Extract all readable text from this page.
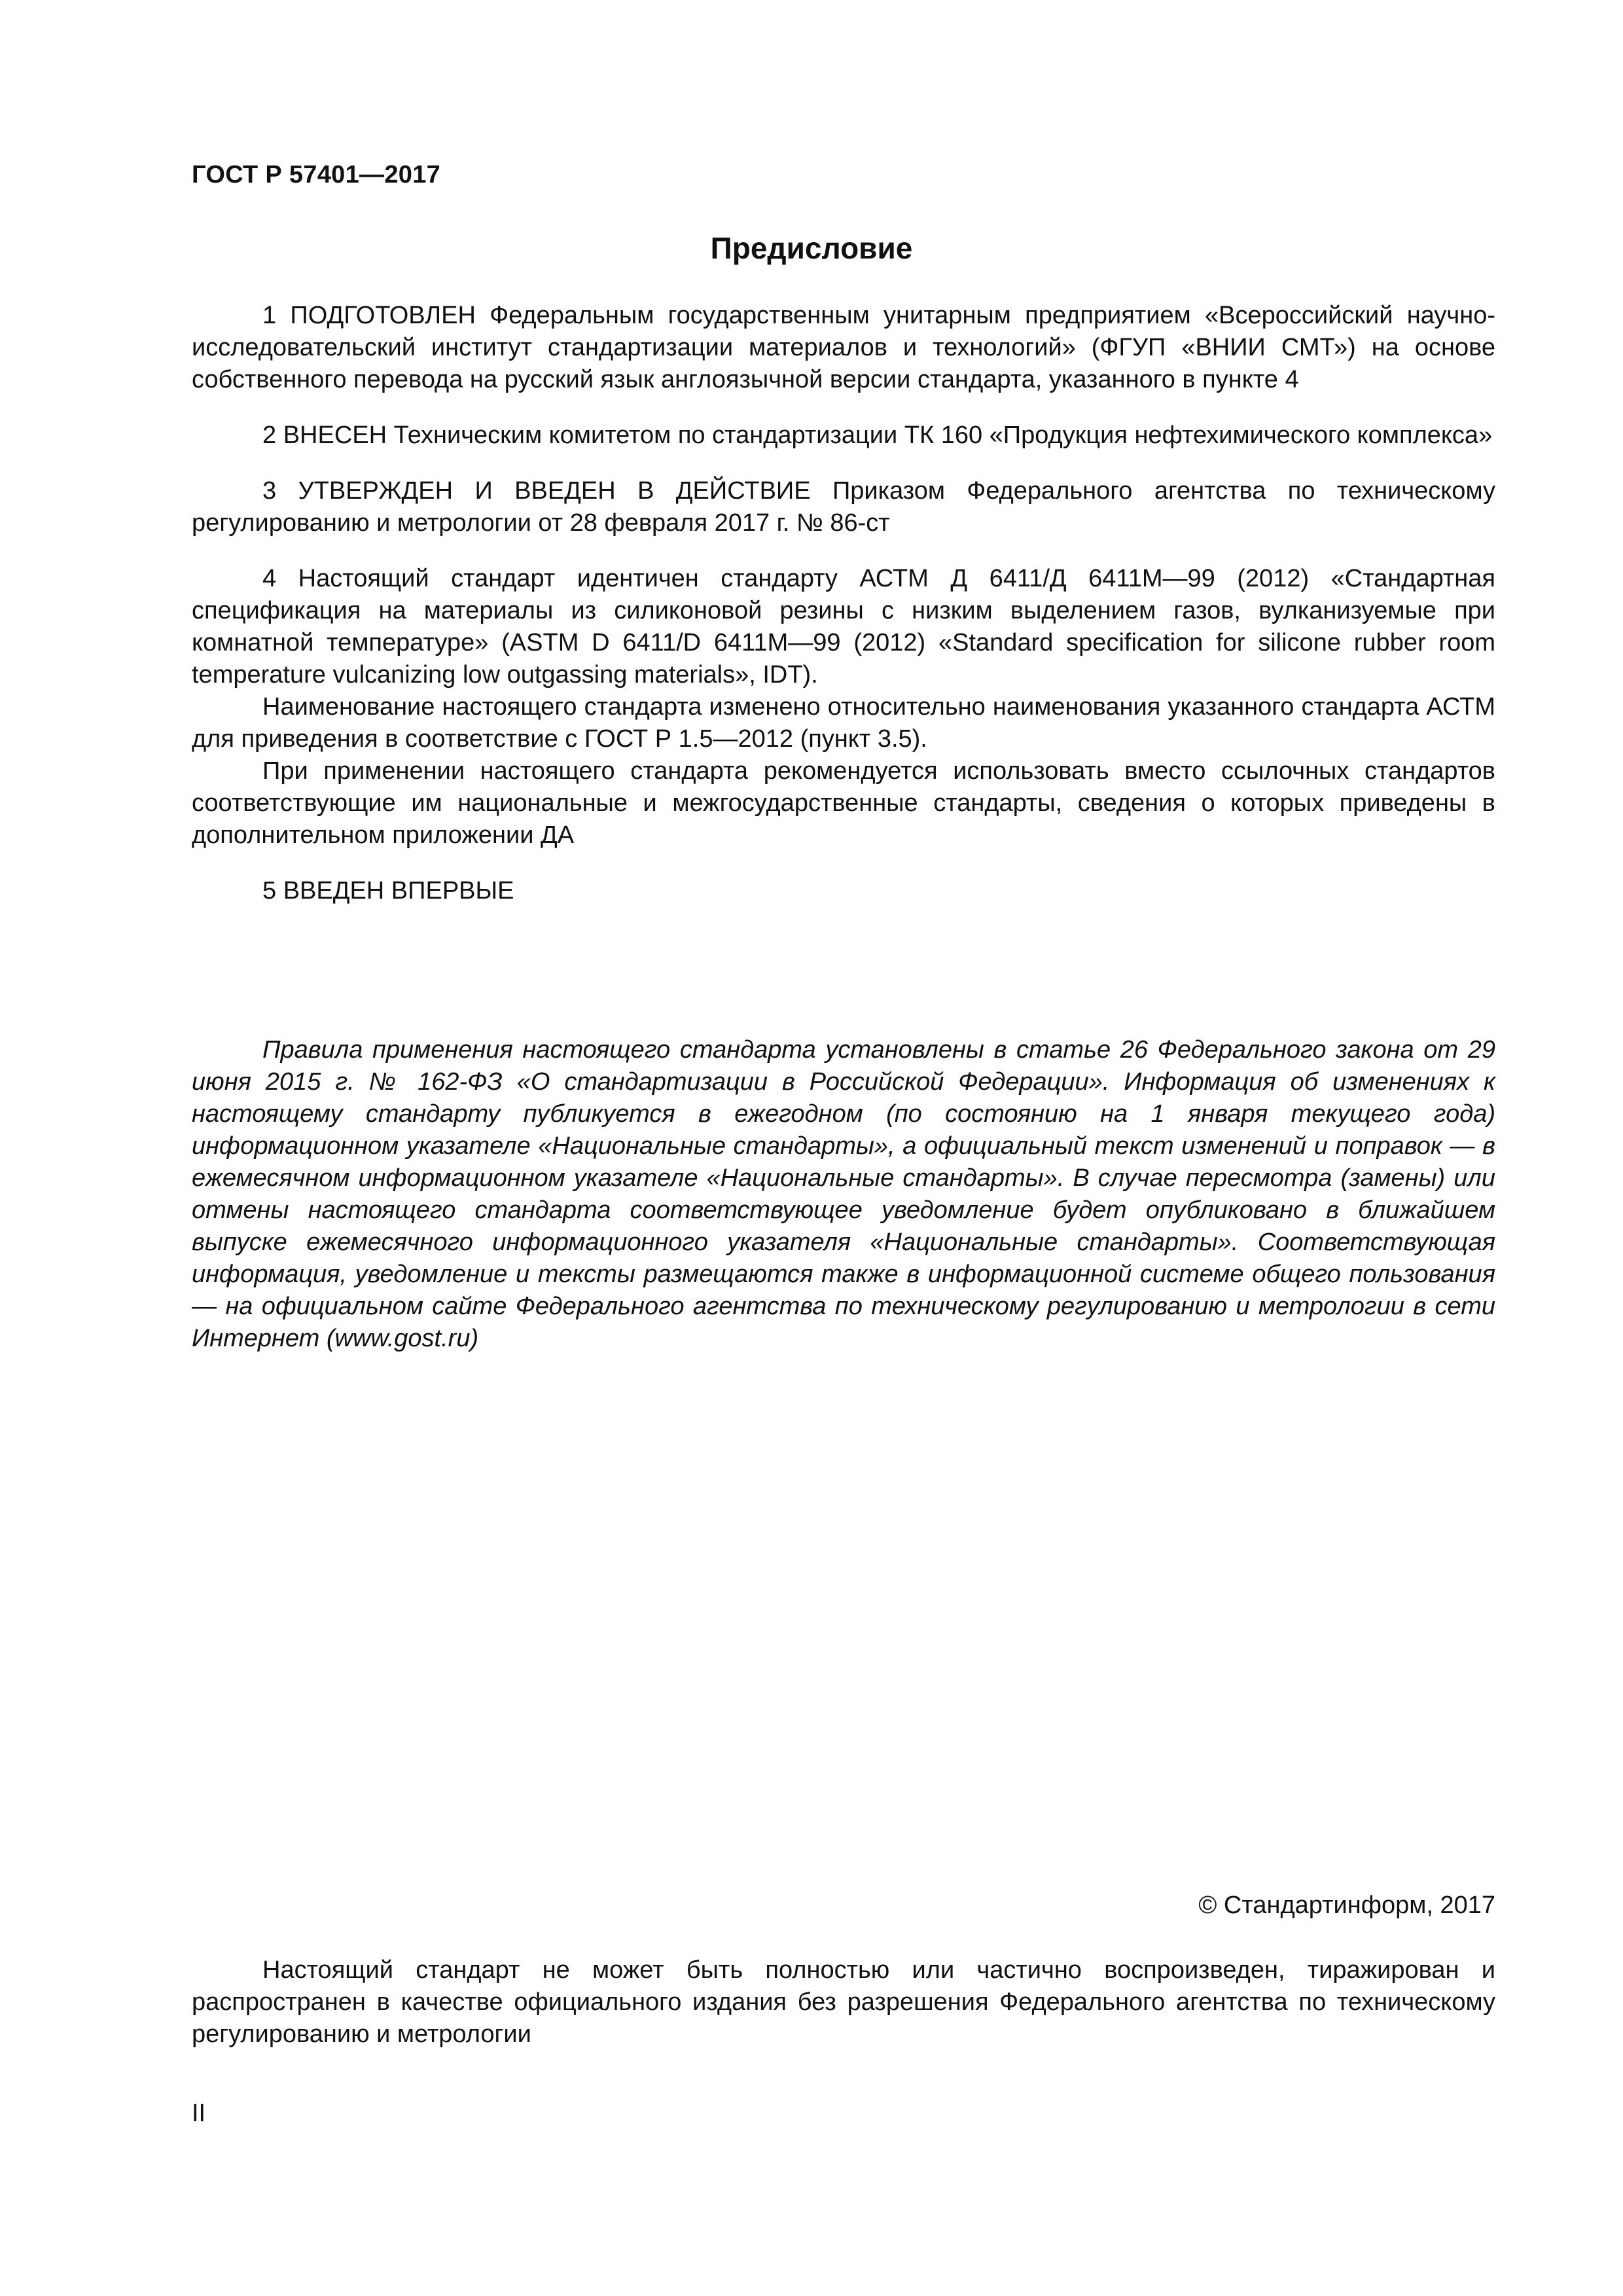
ГОСТ Р 57401—2017
Предисловие

1 ПОДГОТОВЛЕН Федеральным государственным унитарным предприятием «Всероссийский научно-исследовательский институт стандартизации материалов и технологий» (ФГУП «ВНИИ СМТ») на основе собственного перевода на русский язык англоязычной версии стандарта, указанного в пункте 4

2 ВНЕСЕН Техническим комитетом по стандартизации ТК 160 «Продукция нефтехимического комплекса»

3 УТВЕРЖДЕН И ВВЕДЕН В ДЕЙСТВИЕ Приказом Федерального агентства по техническому регулированию и метрологии от 28 февраля 2017 г. № 86-ст

4 Настоящий стандарт идентичен стандарту АСТМ Д 6411/Д 6411М—99 (2012) «Стандартная спецификация на материалы из силиконовой резины с низким выделением газов, вулканизуемые при комнатной температуре» (ASTM D 6411/D 6411M—99 (2012) «Standard specification for silicone rubber room temperature vulcanizing low outgassing materials», IDT).

Наименование настоящего стандарта изменено относительно наименования указанного стандарта АСТМ для приведения в соответствие с ГОСТ Р 1.5—2012 (пункт 3.5).

При применении настоящего стандарта рекомендуется использовать вместо ссылочных стандартов соответствующие им национальные и межгосударственные стандарты, сведения о которых приведены в дополнительном приложении ДА

5 ВВЕДЕН ВПЕРВЫЕ

Правила применения настоящего стандарта установлены в статье 26 Федерального закона от 29 июня 2015 г. № 162-ФЗ «О стандартизации в Российской Федерации». Информация об изменениях к настоящему стандарту публикуется в ежегодном (по состоянию на 1 января текущего года) информационном указателе «Национальные стандарты», а официальный текст изменений и поправок — в ежемесячном информационном указателе «Национальные стандарты». В случае пересмотра (замены) или отмены настоящего стандарта соответствующее уведомление будет опубликовано в ближайшем выпуске ежемесячного информационного указателя «Национальные стандарты». Соответствующая информация, уведомление и тексты размещаются также в информационной системе общего пользования — на официальном сайте Федерального агентства по техническому регулированию и метрологии в сети Интернет (www.gost.ru)

© Стандартинформ, 2017

Настоящий стандарт не может быть полностью или частично воспроизведен, тиражирован и распространен в качестве официального издания без разрешения Федерального агентства по техническому регулированию и метрологии

II
